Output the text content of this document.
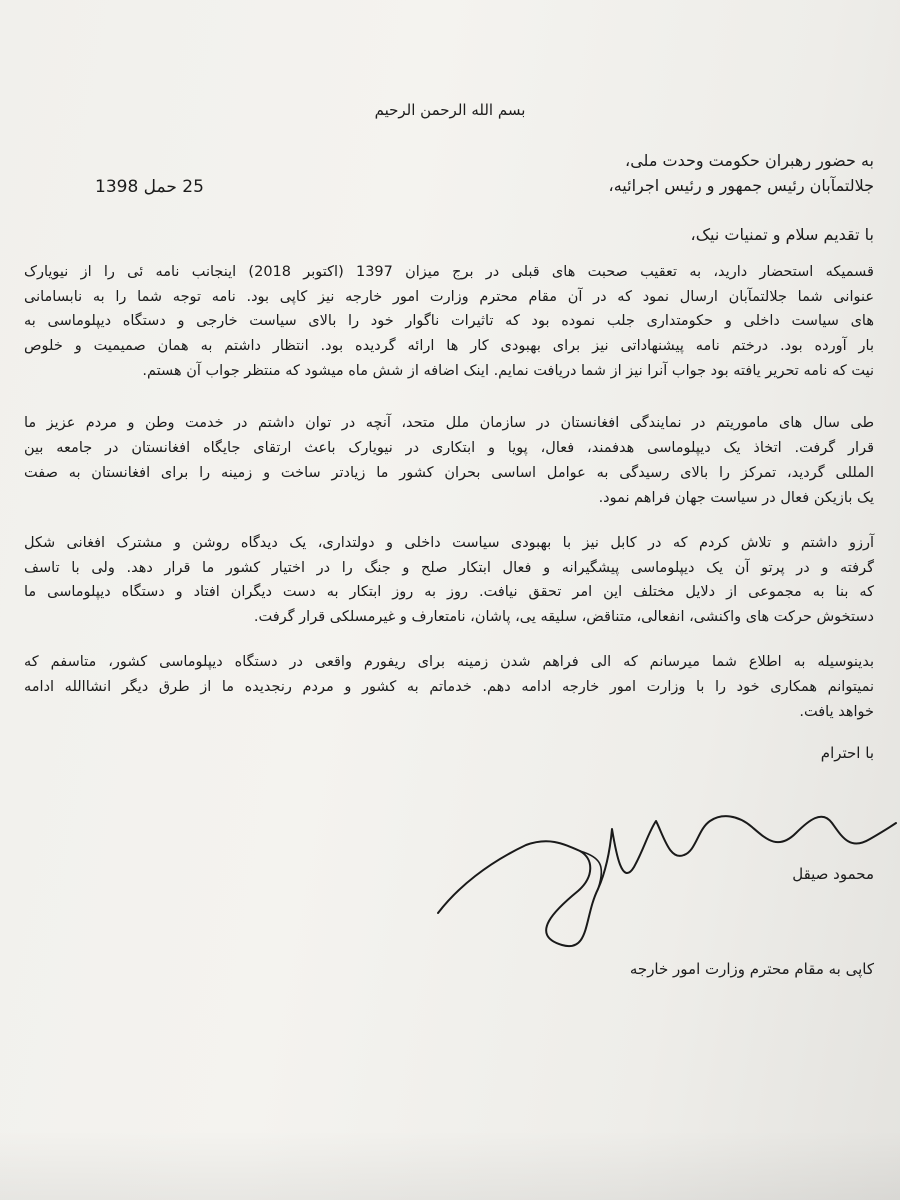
بسم الله الرحمن الرحیم
به حضور رهبران حکومت وحدت ملی،
جلالتمآبان رئیس جمهور و رئیس اجرائیه،
25 حمل 1398
با تقدیم سلام و تمنیات نیک،
قسمیکه استحضار دارید، به تعقیب صحبت های قبلی در برج میزان 1397 (اکتوبر 2018) اینجانب نامه ئی را از نیویارک
عنوانی شما جلالتمآبان ارسال نمود که در آن مقام محترم وزارت امور خارجه نیز کاپی بود. نامه توجه شما را به نابسامانی
های سیاست داخلی و حکومتداری جلب نموده بود که تاثیرات ناگوار خود را بالای سیاست خارجی و دستگاه دیپلوماسی به
بار آورده بود. درختم نامه پیشنهاداتی نیز برای بهبودی کار ها ارائه گردیده بود. انتظار داشتم به همان صمیمیت و خلوص
نیت که نامه تحریر یافته بود جواب آنرا نیز از شما دریافت نمایم. اینک اضافه از شش ماه میشود که منتظر جواب آن هستم.
طی سال های ماموریتم در نمایندگی افغانستان در سازمان ملل متحد، آنچه در توان داشتم در خدمت وطن و مردم عزیز ما
قرار گرفت. اتخاذ یک دیپلوماسی هدفمند، فعال، پویا و ابتکاری در نیویارک باعث ارتقای جایگاه افغانستان در جامعه بین
المللی گردید، تمرکز را بالای رسیدگی به عوامل اساسی بحران کشور ما زیادتر ساخت و زمینه را برای افغانستان به صفت
یک بازیکن فعال در سیاست جهان فراهم نمود.
آرزو داشتم و تلاش کردم که در کابل نیز با بهبودی سیاست داخلی و دولتداری، یک دیدگاه روشن و مشترک افغانی شکل
گرفته و در پرتو آن یک دیپلوماسی پیشگیرانه و فعال ابتکار صلح و جنگ را در اختیار کشور ما قرار دهد. ولی با تاسف
که بنا به مجموعی از دلایل مختلف این امر تحقق نیافت. روز به روز ابتکار به دست دیگران افتاد و دستگاه دیپلوماسی ما
دستخوش حرکت های واکنشی، انفعالی، متناقض، سلیقه یی، پاشان، نامتعارف و غیرمسلکی قرار گرفت.
بدینوسیله به اطلاع شما میرسانم که الی فراهم شدن زمینه برای ریفورم واقعی در دستگاه دیپلوماسی کشور، متاسفم که
نمیتوانم همکاری خود را با وزارت امور خارجه ادامه دهم. خدماتم به کشور و مردم رنجدیده ما از طرق دیگر انشاالله ادامه
خواهد یافت.
با احترام
محمود صیقل
کاپی به مقام محترم وزارت امور خارجه
